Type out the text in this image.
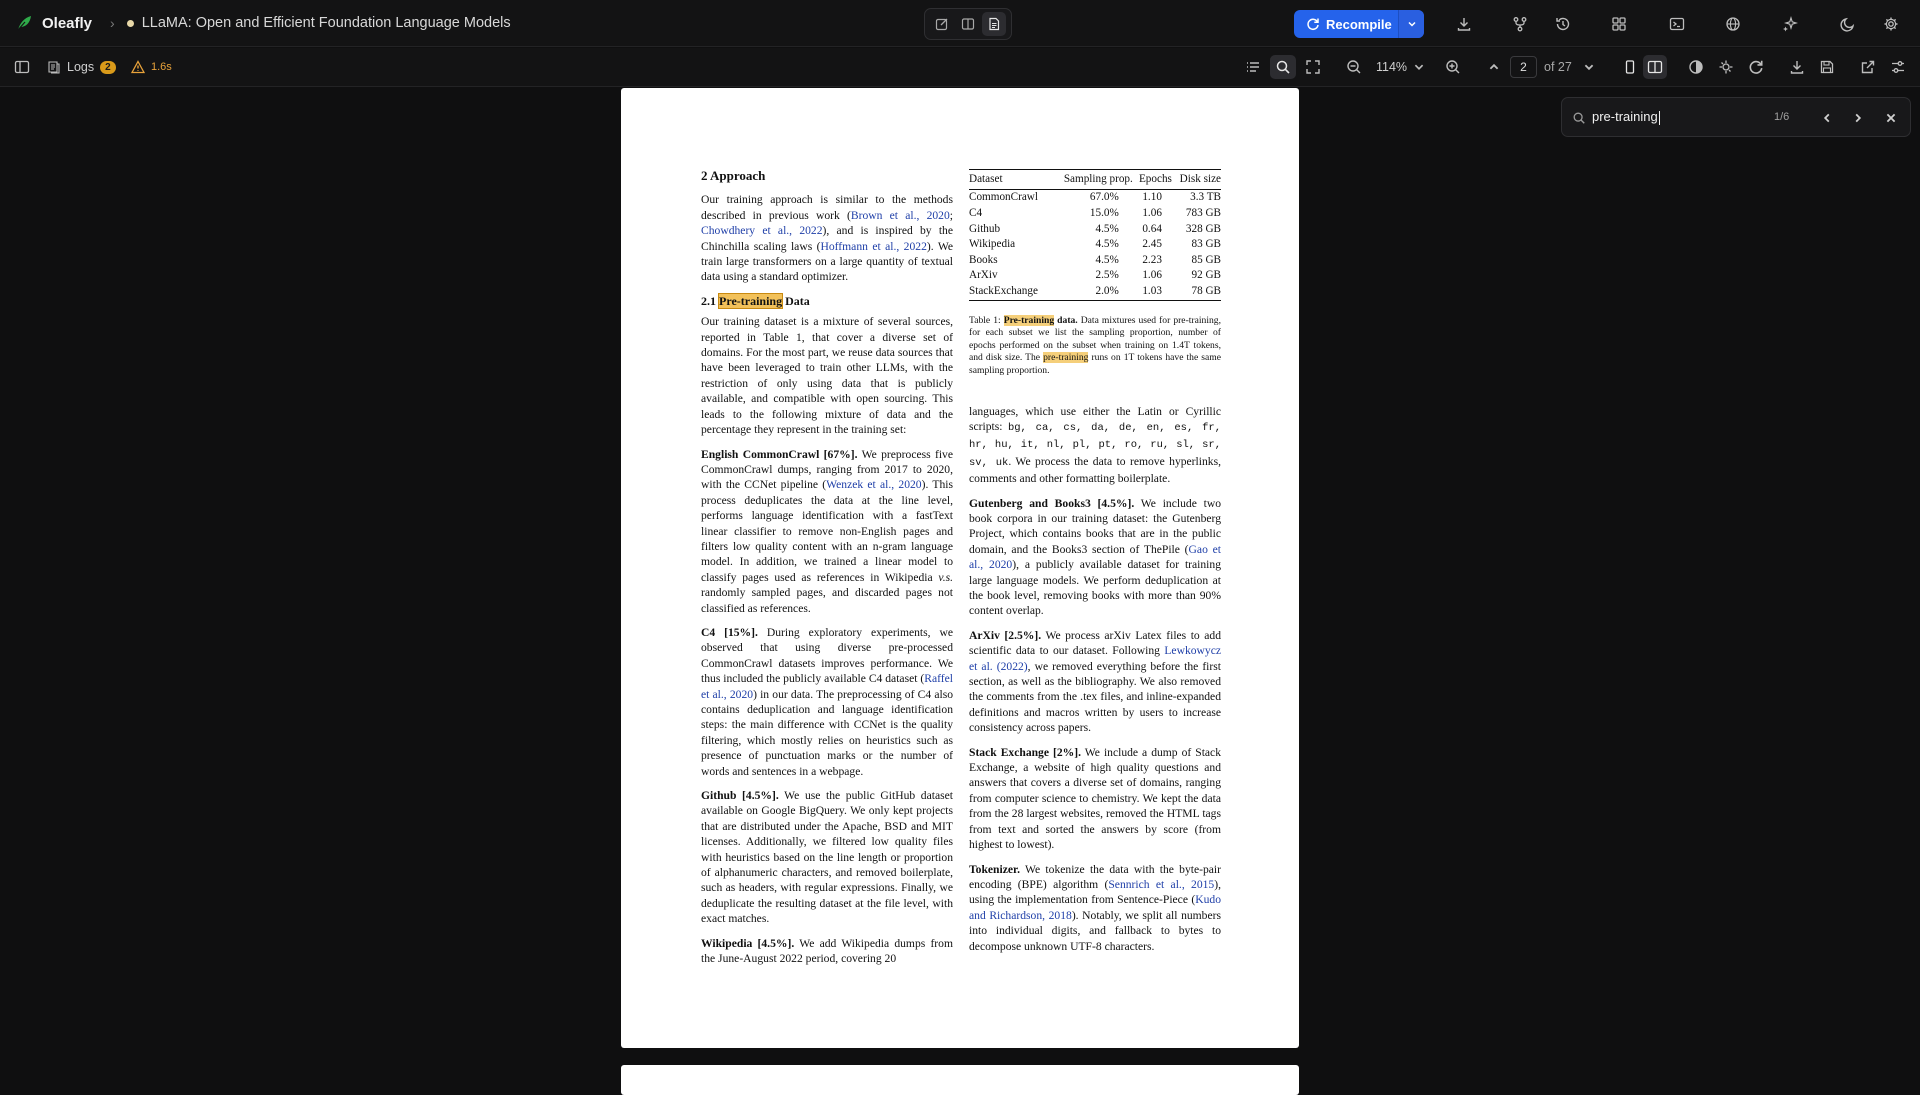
Oleafly › LLaMA: Open and Efficient Foundation Language Models	Recompile
Logs	2	1.6s	114%	2	of 27
2 Approach
Our training approach is similar to the methods described in previous work (Brown et al., 2020; Chowdhery et al., 2022), and is inspired by the Chinchilla scaling laws (Hoffmann et al., 2022). We train large transformers on a large quantity of textual data using a standard optimizer.
2.1 Pre-training Data
Our training dataset is a mixture of several sources, reported in Table 1, that cover a diverse set of domains. For the most part, we reuse data sources that have been leveraged to train other LLMs, with the restriction of only using data that is publicly available, and compatible with open sourcing. This leads to the following mixture of data and the percentage they represent in the training set:
English CommonCrawl [67%]. We preprocess five CommonCrawl dumps, ranging from 2017 to 2020, with the CCNet pipeline (Wenzek et al., 2020). This process deduplicates the data at the line level, performs language identification with a fastText linear classifier to remove non-English pages and filters low quality content with an n-gram language model. In addition, we trained a linear model to classify pages used as references in Wikipedia v.s. randomly sampled pages, and discarded pages not classified as references.
C4 [15%]. During exploratory experiments, we observed that using diverse pre-processed CommonCrawl datasets improves performance. We thus included the publicly available C4 dataset (Raffel et al., 2020) in our data. The preprocessing of C4 also contains deduplication and language identification steps: the main difference with CCNet is the quality filtering, which mostly relies on heuristics such as presence of punctuation marks or the number of words and sentences in a webpage.
Github [4.5%]. We use the public GitHub dataset available on Google BigQuery. We only kept projects that are distributed under the Apache, BSD and MIT licenses. Additionally, we filtered low quality files with heuristics based on the line length or proportion of alphanumeric characters, and removed boilerplate, such as headers, with regular expressions. Finally, we deduplicate the resulting dataset at the file level, with exact matches.
Wikipedia [4.5%]. We add Wikipedia dumps from the June-August 2022 period, covering 20
Dataset	Sampling prop.	Epochs	Disk size
CommonCrawl	67.0%	1.10	3.3 TB
C4	15.0%	1.06	783 GB
Github	4.5%	0.64	328 GB
Wikipedia	4.5%	2.45	83 GB
Books	4.5%	2.23	85 GB
ArXiv	2.5%	1.06	92 GB
StackExchange	2.0%	1.03	78 GB
Table 1: Pre-training data. Data mixtures used for pre-training, for each subset we list the sampling proportion, number of epochs performed on the subset when training on 1.4T tokens, and disk size. The pre-training runs on 1T tokens have the same sampling proportion.
languages, which use either the Latin or Cyrillic scripts: bg, ca, cs, da, de, en, es, fr, hr, hu, it, nl, pl, pt, ro, ru, sl, sr, sv, uk. We process the data to remove hyperlinks, comments and other formatting boilerplate.
Gutenberg and Books3 [4.5%]. We include two book corpora in our training dataset: the Gutenberg Project, which contains books that are in the public domain, and the Books3 section of ThePile (Gao et al., 2020), a publicly available dataset for training large language models. We perform deduplication at the book level, removing books with more than 90% content overlap.
ArXiv [2.5%]. We process arXiv Latex files to add scientific data to our dataset. Following Lewkowycz et al. (2022), we removed everything before the first section, as well as the bibliography. We also removed the comments from the .tex files, and inline-expanded definitions and macros written by users to increase consistency across papers.
Stack Exchange [2%]. We include a dump of Stack Exchange, a website of high quality questions and answers that covers a diverse set of domains, ranging from computer science to chemistry. We kept the data from the 28 largest websites, removed the HTML tags from text and sorted the answers by score (from highest to lowest).
Tokenizer. We tokenize the data with the byte-pair encoding (BPE) algorithm (Sennrich et al., 2015), using the implementation from Sentence-Piece (Kudo and Richardson, 2018). Notably, we split all numbers into individual digits, and fallback to bytes to decompose unknown UTF-8 characters.
pre-training	1/6
